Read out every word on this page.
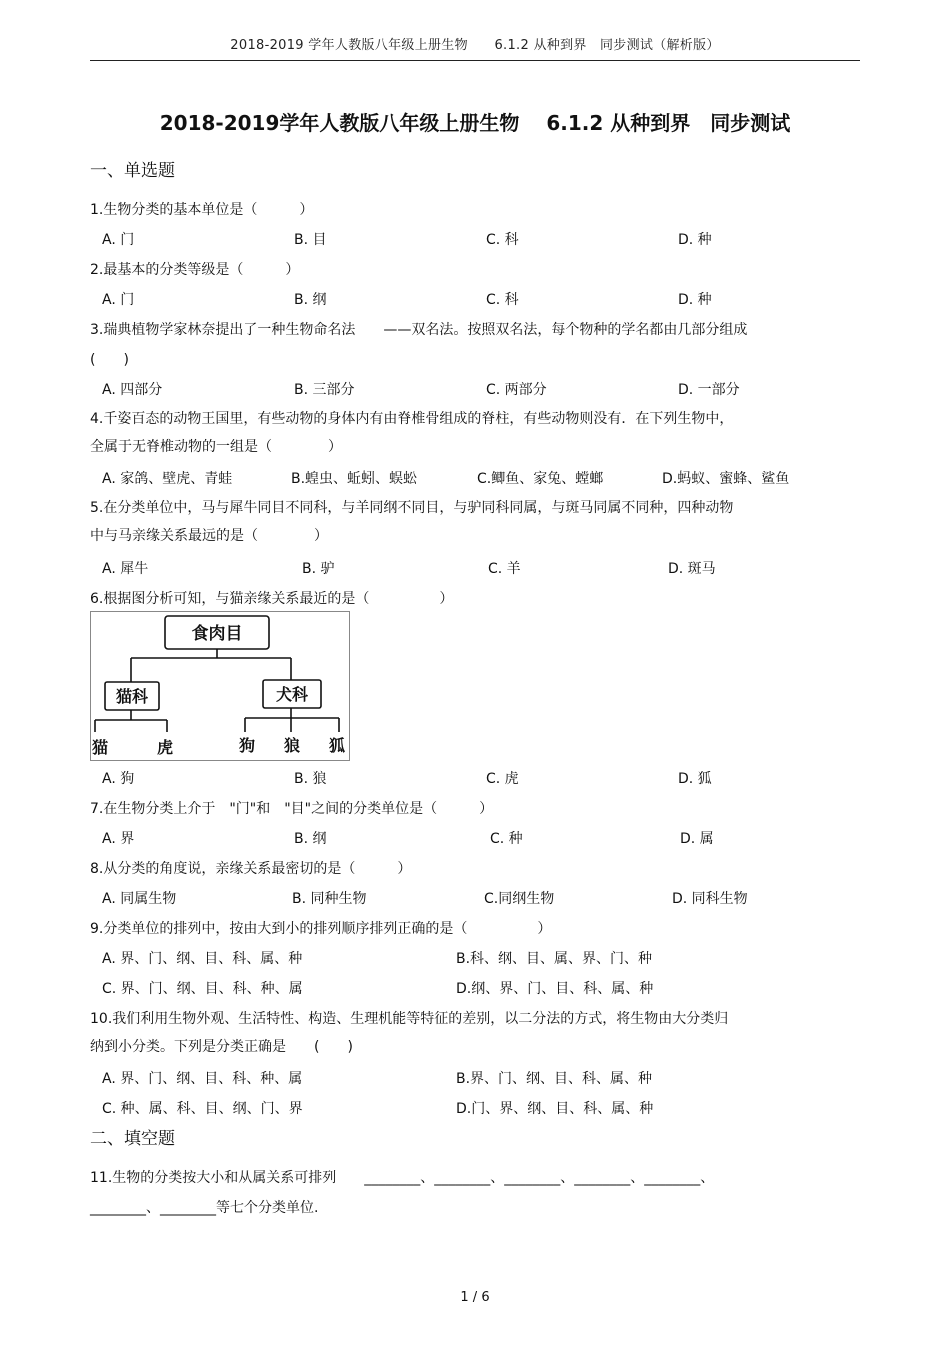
2018-2019 学年人教版八年级上册生物　　6.1.2 从种到界　同步测试（解析版）
2018-2019学年人教版八年级上册生物　 6.1.2 从种到界　同步测试
一、单选题
1.生物分类的基本单位是（　　　）
A. 门	B. 目	C. 科	D. 种
2.最基本的分类等级是（　　　）
A. 门	B. 纲	C. 科	D. 种
3.瑞典植物学家林奈提出了一种生物命名法　　——双名法。按照双名法，每个物种的学名都由几部分组成
(　　)
A. 四部分	B. 三部分	C. 两部分	D. 一部分
4.千姿百态的动物王国里，有些动物的身体内有由脊椎骨组成的脊柱，有些动物则没有．在下列生物中，
全属于无脊椎动物的一组是（　　　　）
A. 家鸽、壁虎、青蛙	B.蝗虫、蚯蚓、蜈蚣	C.鲫鱼、家兔、螳螂	D.蚂蚁、蜜蜂、鲨鱼
5.在分类单位中，马与犀牛同目不同科，与羊同纲不同目，与驴同科同属，与斑马同属不同种，四种动物
中与马亲缘关系最远的是（　　　　）
A. 犀牛	B. 驴	C. 羊	D. 斑马
6.根据图分析可知，与猫亲缘关系最近的是（　　　　　）
食肉目
猫科	犬科
猫	虎	狗 狼 狐
A. 狗	B. 狼	C. 虎	D. 狐
7.在生物分类上介于　"门"和　"目"之间的分类单位是（　　　）
A. 界	B. 纲	C. 种	D. 属
8.从分类的角度说，亲缘关系最密切的是（　　　）
A. 同属生物	B. 同种生物	C.同纲生物	D. 同科生物
9.分类单位的排列中，按由大到小的排列顺序排列正确的是（　　　　　）
A. 界、门、纲、目、科、属、种	B.科、纲、目、属、界、门、种
C. 界、门、纲、目、科、种、属	D.纲、界、门、目、科、属、种
10.我们利用生物外观、生活特性、构造、生理机能等特征的差别，以二分法的方式，将生物由大分类归
纳到小分类。下列是分类正确是　　(　　)
A. 界、门、纲、目、科、种、属	B.界、门、纲、目、科、属、种
C. 种、属、科、目、纲、门、界	D.门、界、纲、目、科、属、种
二、填空题
11.生物的分类按大小和从属关系可排列　　________、________、________、________、________、
________、________等七个分类单位.
1 / 6
